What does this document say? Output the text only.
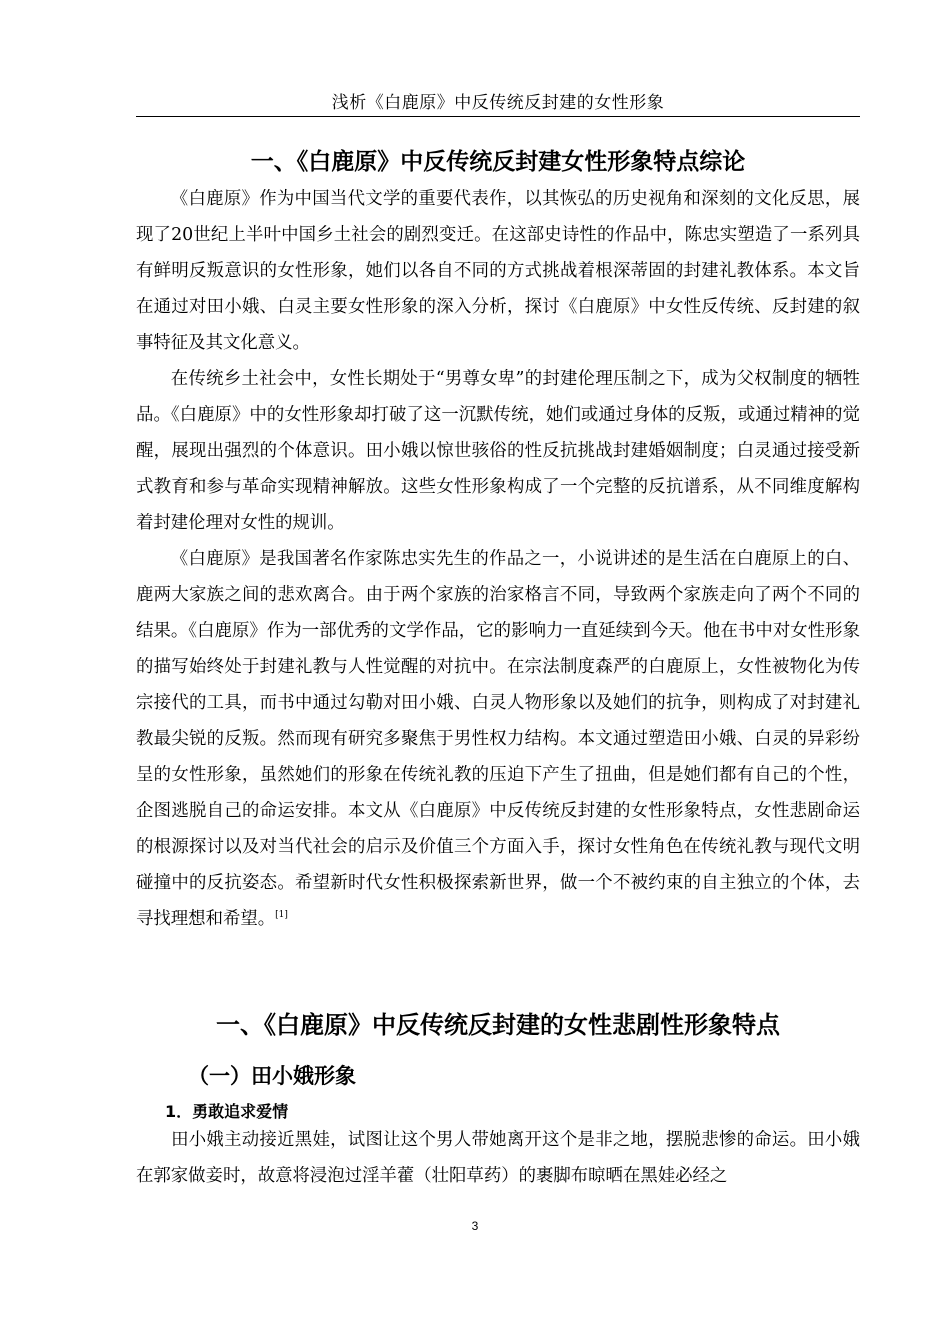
浅析《白鹿原》中反传统反封建的女性形象
一、《白鹿原》中反传统反封建女性形象特点综论

《白鹿原》作为中国当代文学的重要代表作，以其恢弘的历史视角和深刻的文化反思，展现了20世纪上半叶中国乡土社会的剧烈变迁。在这部史诗性的作品中，陈忠实塑造了一系列具有鲜明反叛意识的女性形象，她们以各自不同的方式挑战着根深蒂固的封建礼教体系。本文旨在通过对田小娥、白灵主要女性形象的深入分析，探讨《白鹿原》中女性反传统、反封建的叙事特征及其文化意义。

在传统乡土社会中，女性长期处于“男尊女卑”的封建伦理压制之下，成为父权制度的牺牲品。《白鹿原》中的女性形象却打破了这一沉默传统，她们或通过身体的反叛，或通过精神的觉醒，展现出强烈的个体意识。田小娥以惊世骇俗的性反抗挑战封建婚姻制度；白灵通过接受新式教育和参与革命实现精神解放。这些女性形象构成了一个完整的反抗谱系，从不同维度解构着封建伦理对女性的规训。

《白鹿原》是我国著名作家陈忠实先生的作品之一，小说讲述的是生活在白鹿原上的白、鹿两大家族之间的悲欢离合。由于两个家族的治家格言不同，导致两个家族走向了两个不同的结果。《白鹿原》作为一部优秀的文学作品，它的影响力一直延续到今天。他在书中对女性形象的描写始终处于封建礼教与人性觉醒的对抗中。在宗法制度森严的白鹿原上，女性被物化为传宗接代的工具，而书中通过勾勒对田小娥、白灵人物形象以及她们的抗争，则构成了对封建礼教最尖锐的反叛。然而现有研究多聚焦于男性权力结构。本文通过塑造田小娥、白灵的异彩纷呈的女性形象，虽然她们的形象在传统礼教的压迫下产生了扭曲，但是她们都有自己的个性，企图逃脱自己的命运安排。本文从《白鹿原》中反传统反封建的女性形象特点，女性悲剧命运的根源探讨以及对当代社会的启示及价值三个方面入手，探讨女性角色在传统礼教与现代文明碰撞中的反抗姿态。希望新时代女性积极探索新世界，做一个不被约束的自主独立的个体，去寻找理想和希望。[1]

一、《白鹿原》中反传统反封建的女性悲剧性形象特点
（一）田小娥形象
1．勇敢追求爱情

田小娥主动接近黑娃，试图让这个男人带她离开这个是非之地，摆脱悲惨的命运。田小娥在郭家做妾时，故意将浸泡过淫羊藿（壮阳草药）的裹脚布晾晒在黑娃必经之

3
